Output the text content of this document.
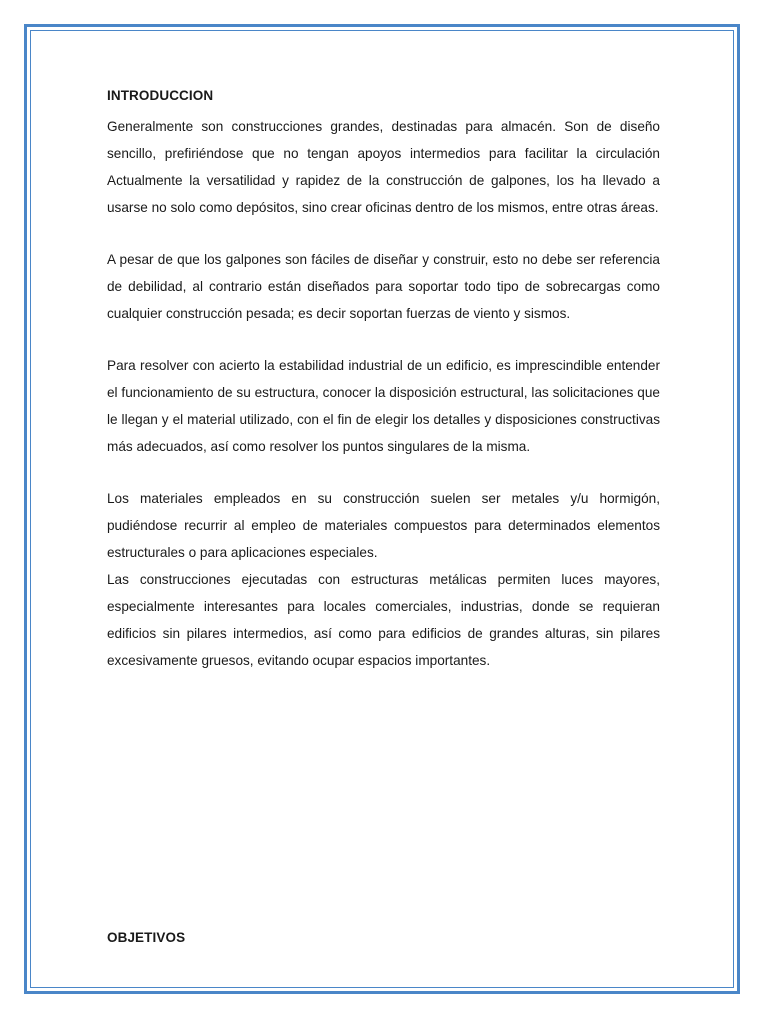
INTRODUCCION

Generalmente son construcciones grandes, destinadas para almacén. Son de diseño sencillo, prefiriéndose que no tengan apoyos intermedios para facilitar la circulación Actualmente la versatilidad y rapidez de la construcción de galpones, los ha llevado a usarse no solo como depósitos, sino crear oficinas dentro de los mismos, entre otras áreas.

A pesar de que los galpones son fáciles de diseñar y construir, esto no debe ser referencia de debilidad, al contrario están diseñados para soportar todo tipo de sobrecargas como cualquier construcción pesada; es decir soportan fuerzas de viento y sismos.

Para resolver con acierto la estabilidad industrial de un edificio, es imprescindible entender el funcionamiento de su estructura, conocer la disposición estructural, las solicitaciones que le llegan y el material utilizado, con el fin de elegir los detalles y disposiciones constructivas más adecuados, así como resolver los puntos singulares de la misma.

Los materiales empleados en su construcción suelen ser metales y/u hormigón, pudiéndose recurrir al empleo de materiales compuestos para determinados elementos estructurales o para aplicaciones especiales.

Las construcciones ejecutadas con estructuras metálicas permiten luces mayores, especialmente interesantes para locales comerciales, industrias, donde se requieran edificios sin pilares intermedios, así como para edificios de grandes alturas, sin pilares excesivamente gruesos, evitando ocupar espacios importantes.

OBJETIVOS
